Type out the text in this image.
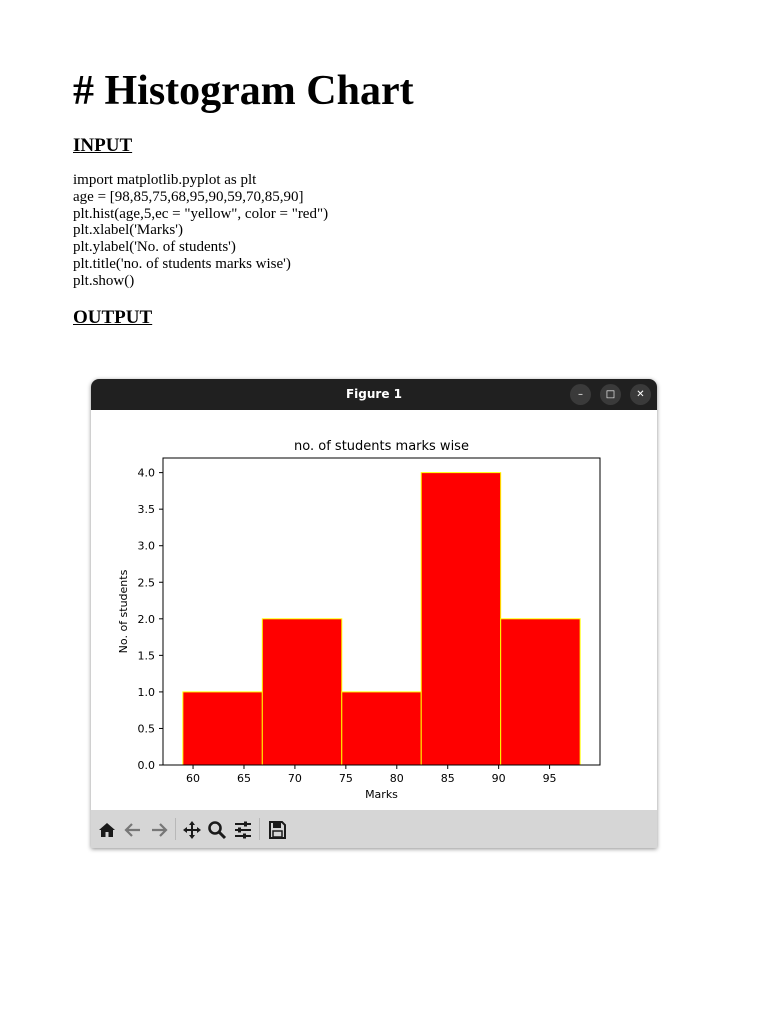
# Histogram Chart
INPUT
import matplotlib.pyplot as plt
age = [98,85,75,68,95,90,59,70,85,90]
plt.hist(age,5,ec = "yellow", color = "red")
plt.xlabel('Marks')
plt.ylabel('No. of students')
plt.title('no. of students marks wise')
plt.show()
OUTPUT
Figure 1	–	□	✕
60	65	70	75	80	85	90	95
0.0
0.5
1.0
1.5
2.0
2.5
3.0
3.5
4.0
no. of students marks wise
Marks
No. of students
